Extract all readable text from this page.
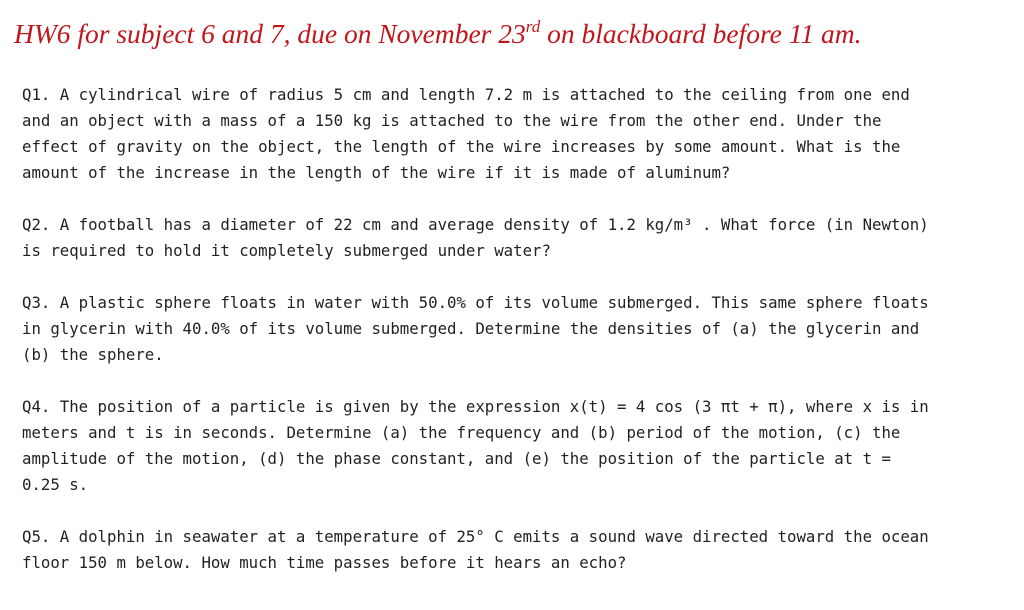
HW6 for subject 6 and 7, due on November 23rd on blackboard before 11 am.
Q1. A cylindrical wire of radius 5 cm and length 7.2 m is attached to the ceiling from one end
and an object with a mass of a 150 kg is attached to the wire from the other end. Under the
effect of gravity on the object, the length of the wire increases by some amount. What is the
amount of the increase in the length of the wire if it is made of aluminum?
Q2. A football has a diameter of 22 cm and average density of 1.2 kg/m³ . What force (in Newton)
is required to hold it completely submerged under water?
Q3. A plastic sphere floats in water with 50.0% of its volume submerged. This same sphere floats
in glycerin with 40.0% of its volume submerged. Determine the densities of (a) the glycerin and
(b) the sphere.
Q4. The position of a particle is given by the expression x(t) = 4 cos (3 πt + π), where x is in
meters and t is in seconds. Determine (a) the frequency and (b) period of the motion, (c) the
amplitude of the motion, (d) the phase constant, and (e) the position of the particle at t =
0.25 s.
Q5. A dolphin in seawater at a temperature of 25° C emits a sound wave directed toward the ocean
floor 150 m below. How much time passes before it hears an echo?
